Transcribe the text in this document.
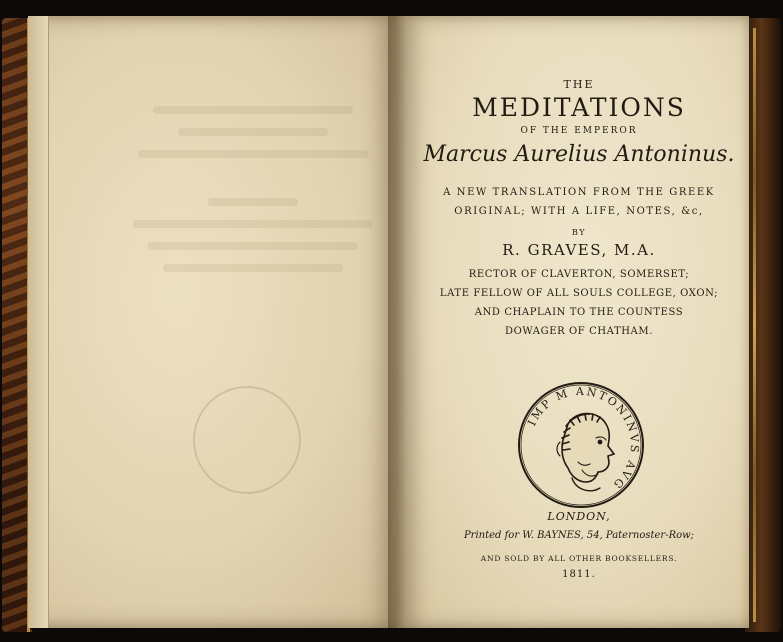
THE
MEDITATIONS
OF THE EMPEROR
Marcus Aurelius Antoninus.
A NEW TRANSLATION FROM THE GREEK
ORIGINAL; WITH A LIFE, NOTES, &c,
BY
R. GRAVES, M.A.
RECTOR OF CLAVERTON, SOMERSET;
LATE FELLOW OF ALL SOULS COLLEGE, OXON;
AND CHAPLAIN TO THE COUNTESS
DOWAGER OF CHATHAM.
IMP M ANTONINVS AVG
LONDON,
Printed for W. BAYNES, 54, Paternoster-Row;
AND SOLD BY ALL OTHER BOOKSELLERS.
1811.
